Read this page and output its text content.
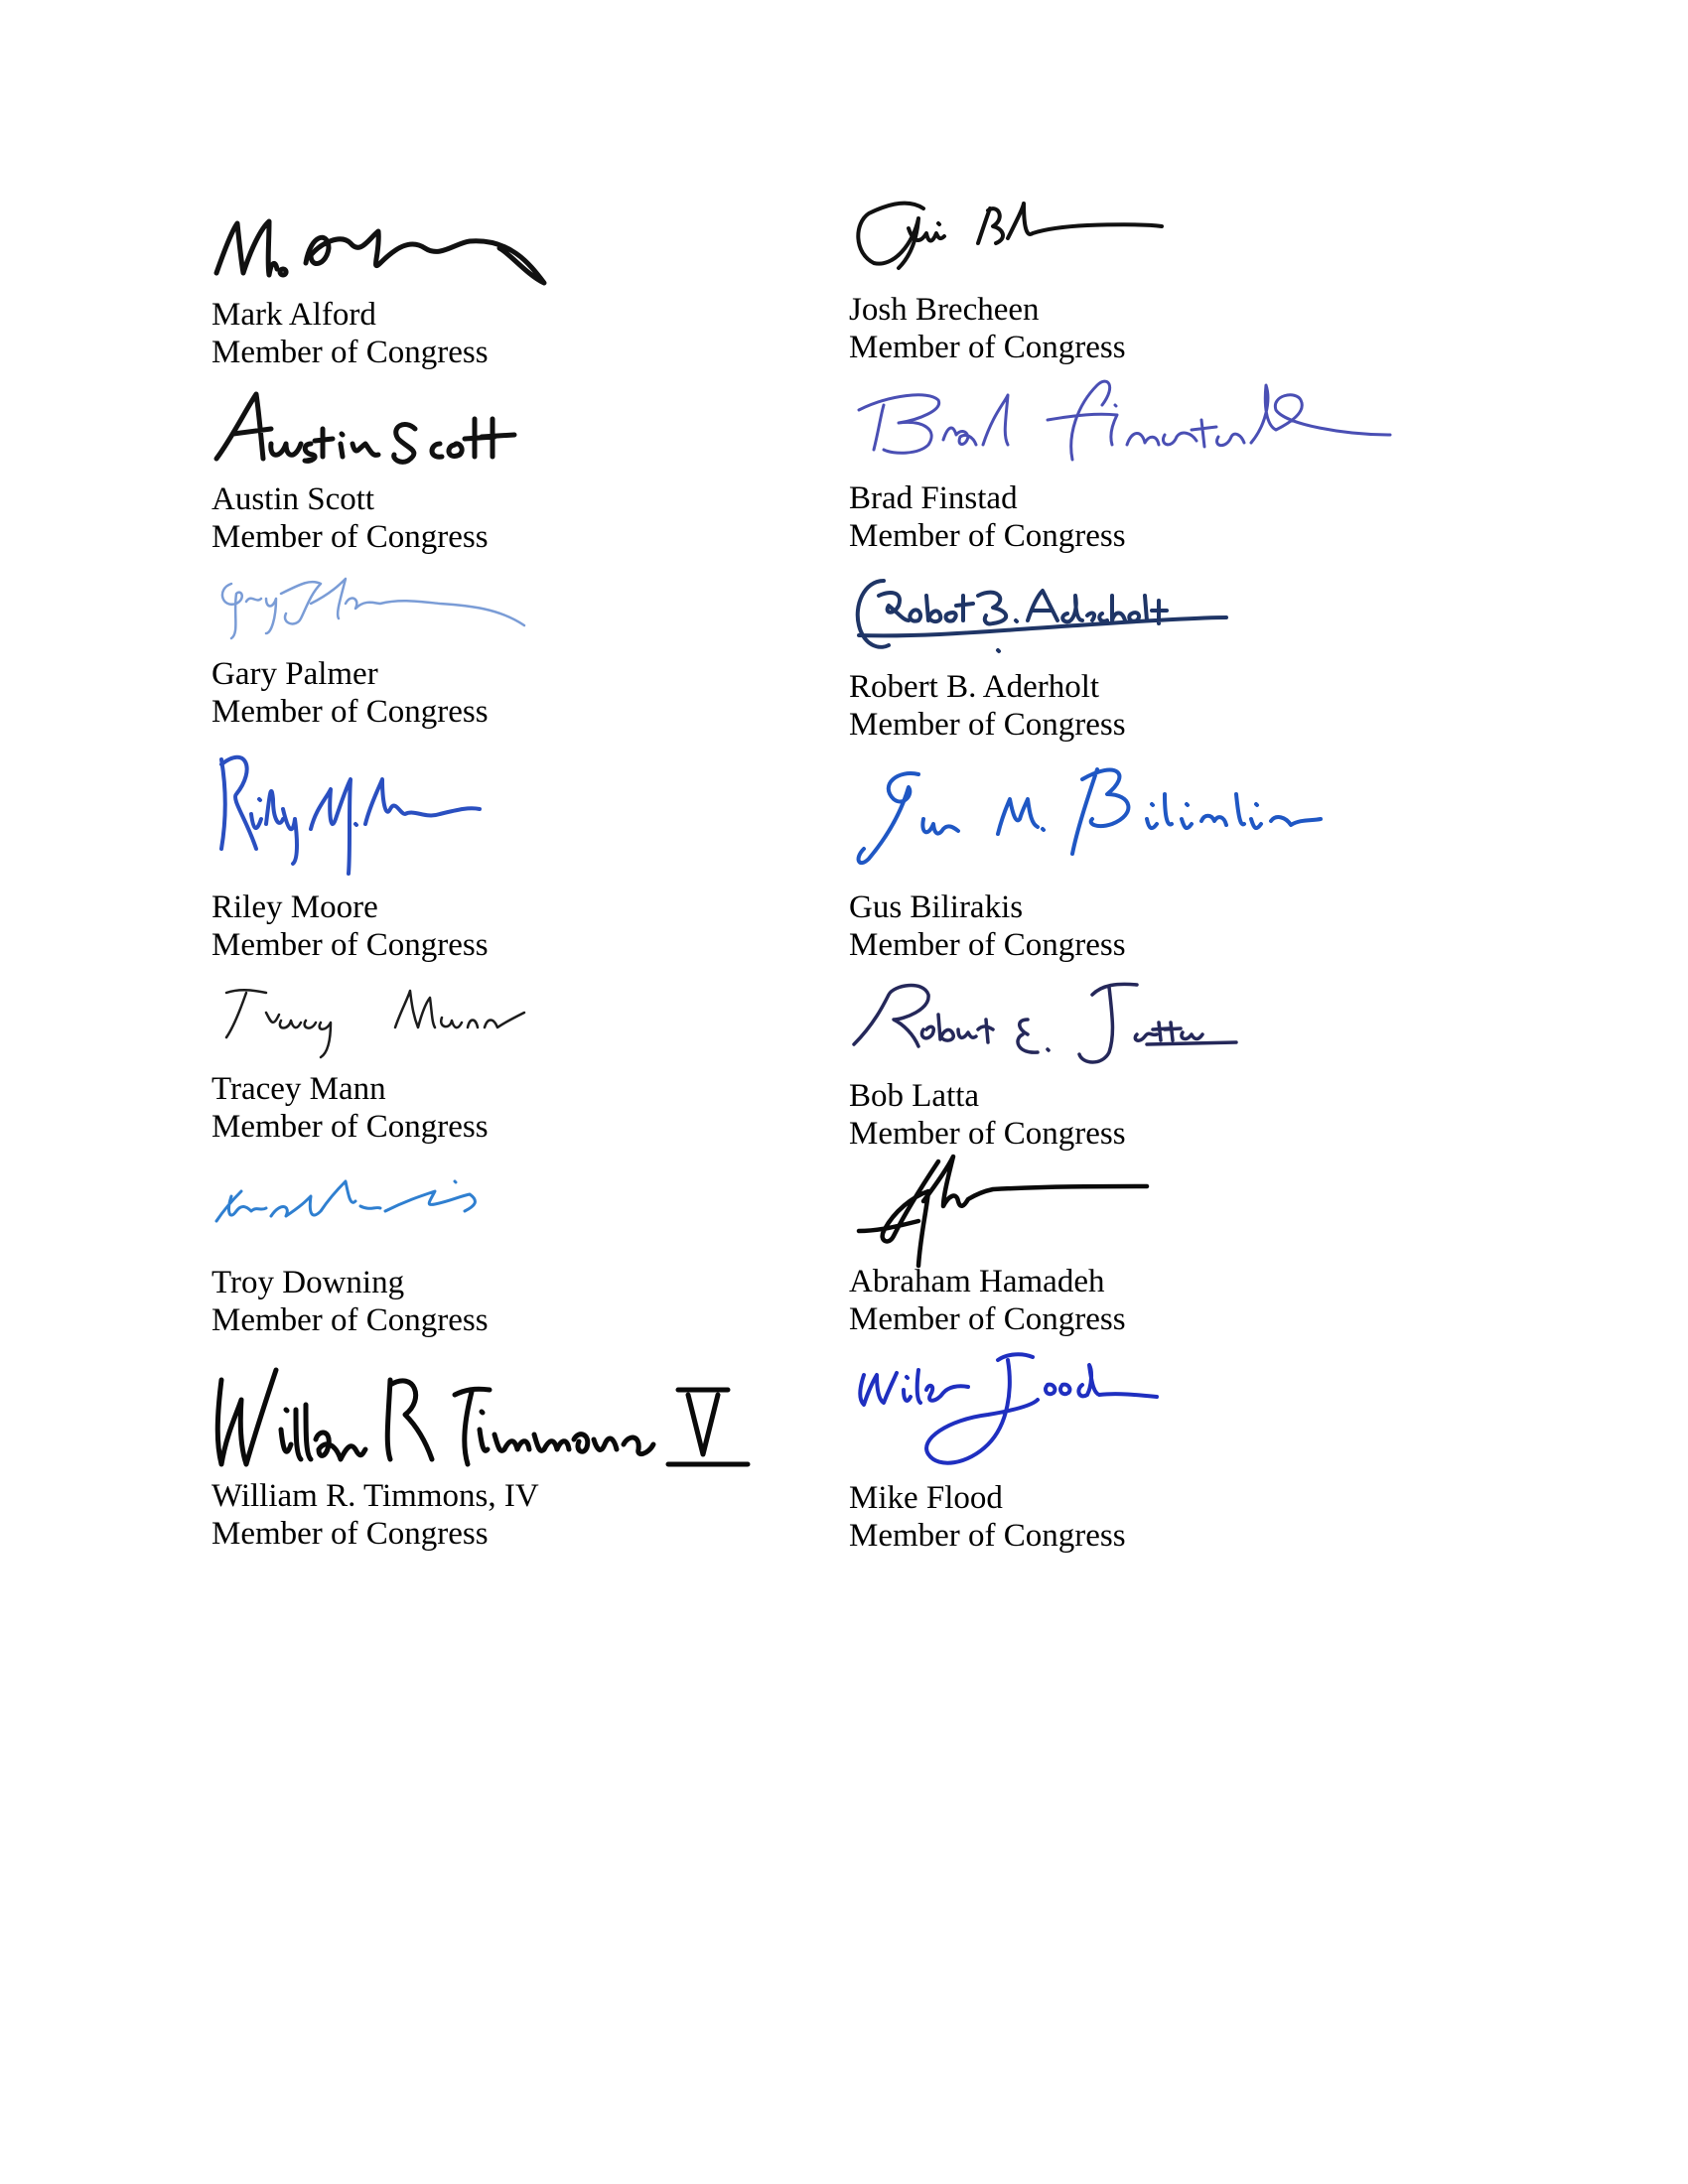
Mark Alford
Member of Congress
Austin Scott
Member of Congress
Gary Palmer
Member of Congress
Riley Moore
Member of Congress
Tracey Mann
Member of Congress
Troy Downing
Member of Congress
William R. Timmons, IV
Member of Congress
Josh Brecheen
Member of Congress
Brad Finstad
Member of Congress
Robert B. Aderholt
Member of Congress
Gus Bilirakis
Member of Congress
Bob Latta
Member of Congress
Abraham Hamadeh
Member of Congress
Mike Flood
Member of Congress
